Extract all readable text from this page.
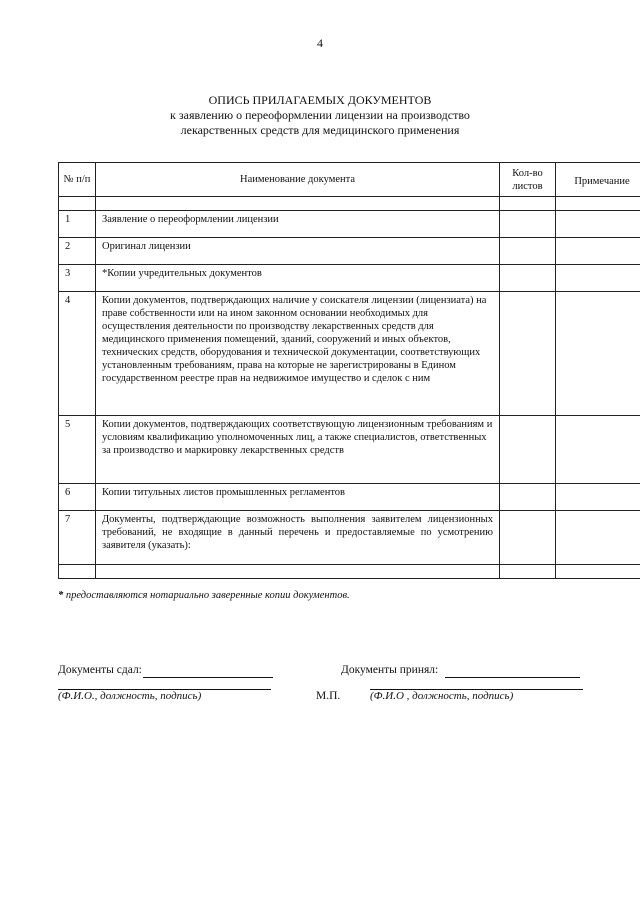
4
ОПИСЬ ПРИЛАГАЕМЫХ ДОКУМЕНТОВ
к заявлению о переоформлении лицензии на производство
лекарственных средств для медицинского применения
№ п/п	Наименование документа	Кол-во листов	Примечание

1	Заявление о переоформлении лицензии		
2	Оригинал лицензии		
3	*Копии учредительных документов		
4	Копии документов, подтверждающих наличие у соискателя лицензии (лицензиата) на праве собственности или на ином законном основании необходимых для осуществления деятельности по производству лекарственных средств для медицинского применения помещений, зданий, сооружений и иных объектов, технических средств, оборудования и технической документации, соответствующих установленным требованиям, права на которые не зарегистрированы в Едином государственном реестре прав на недвижимое имущество и сделок с ним		
5	Копии документов, подтверждающих соответствующую лицензионным требованиям и условиям квалификацию уполномоченных лиц, а также специалистов, ответственных за производство и маркировку лекарственных средств		
6	Копии титульных листов промышленных регламентов		
7	Документы, подтверждающие возможность выполнения заявителем лицензионных требований, не входящие в данный перечень и предоставляемые по усмотрению заявителя (указать):		

* предоставляются нотариально заверенные копии документов.
Документы сдал:
(Ф.И.О., должность, подпись)
Документы принял:
М.П.	(Ф.И.О , должность, подпись)
